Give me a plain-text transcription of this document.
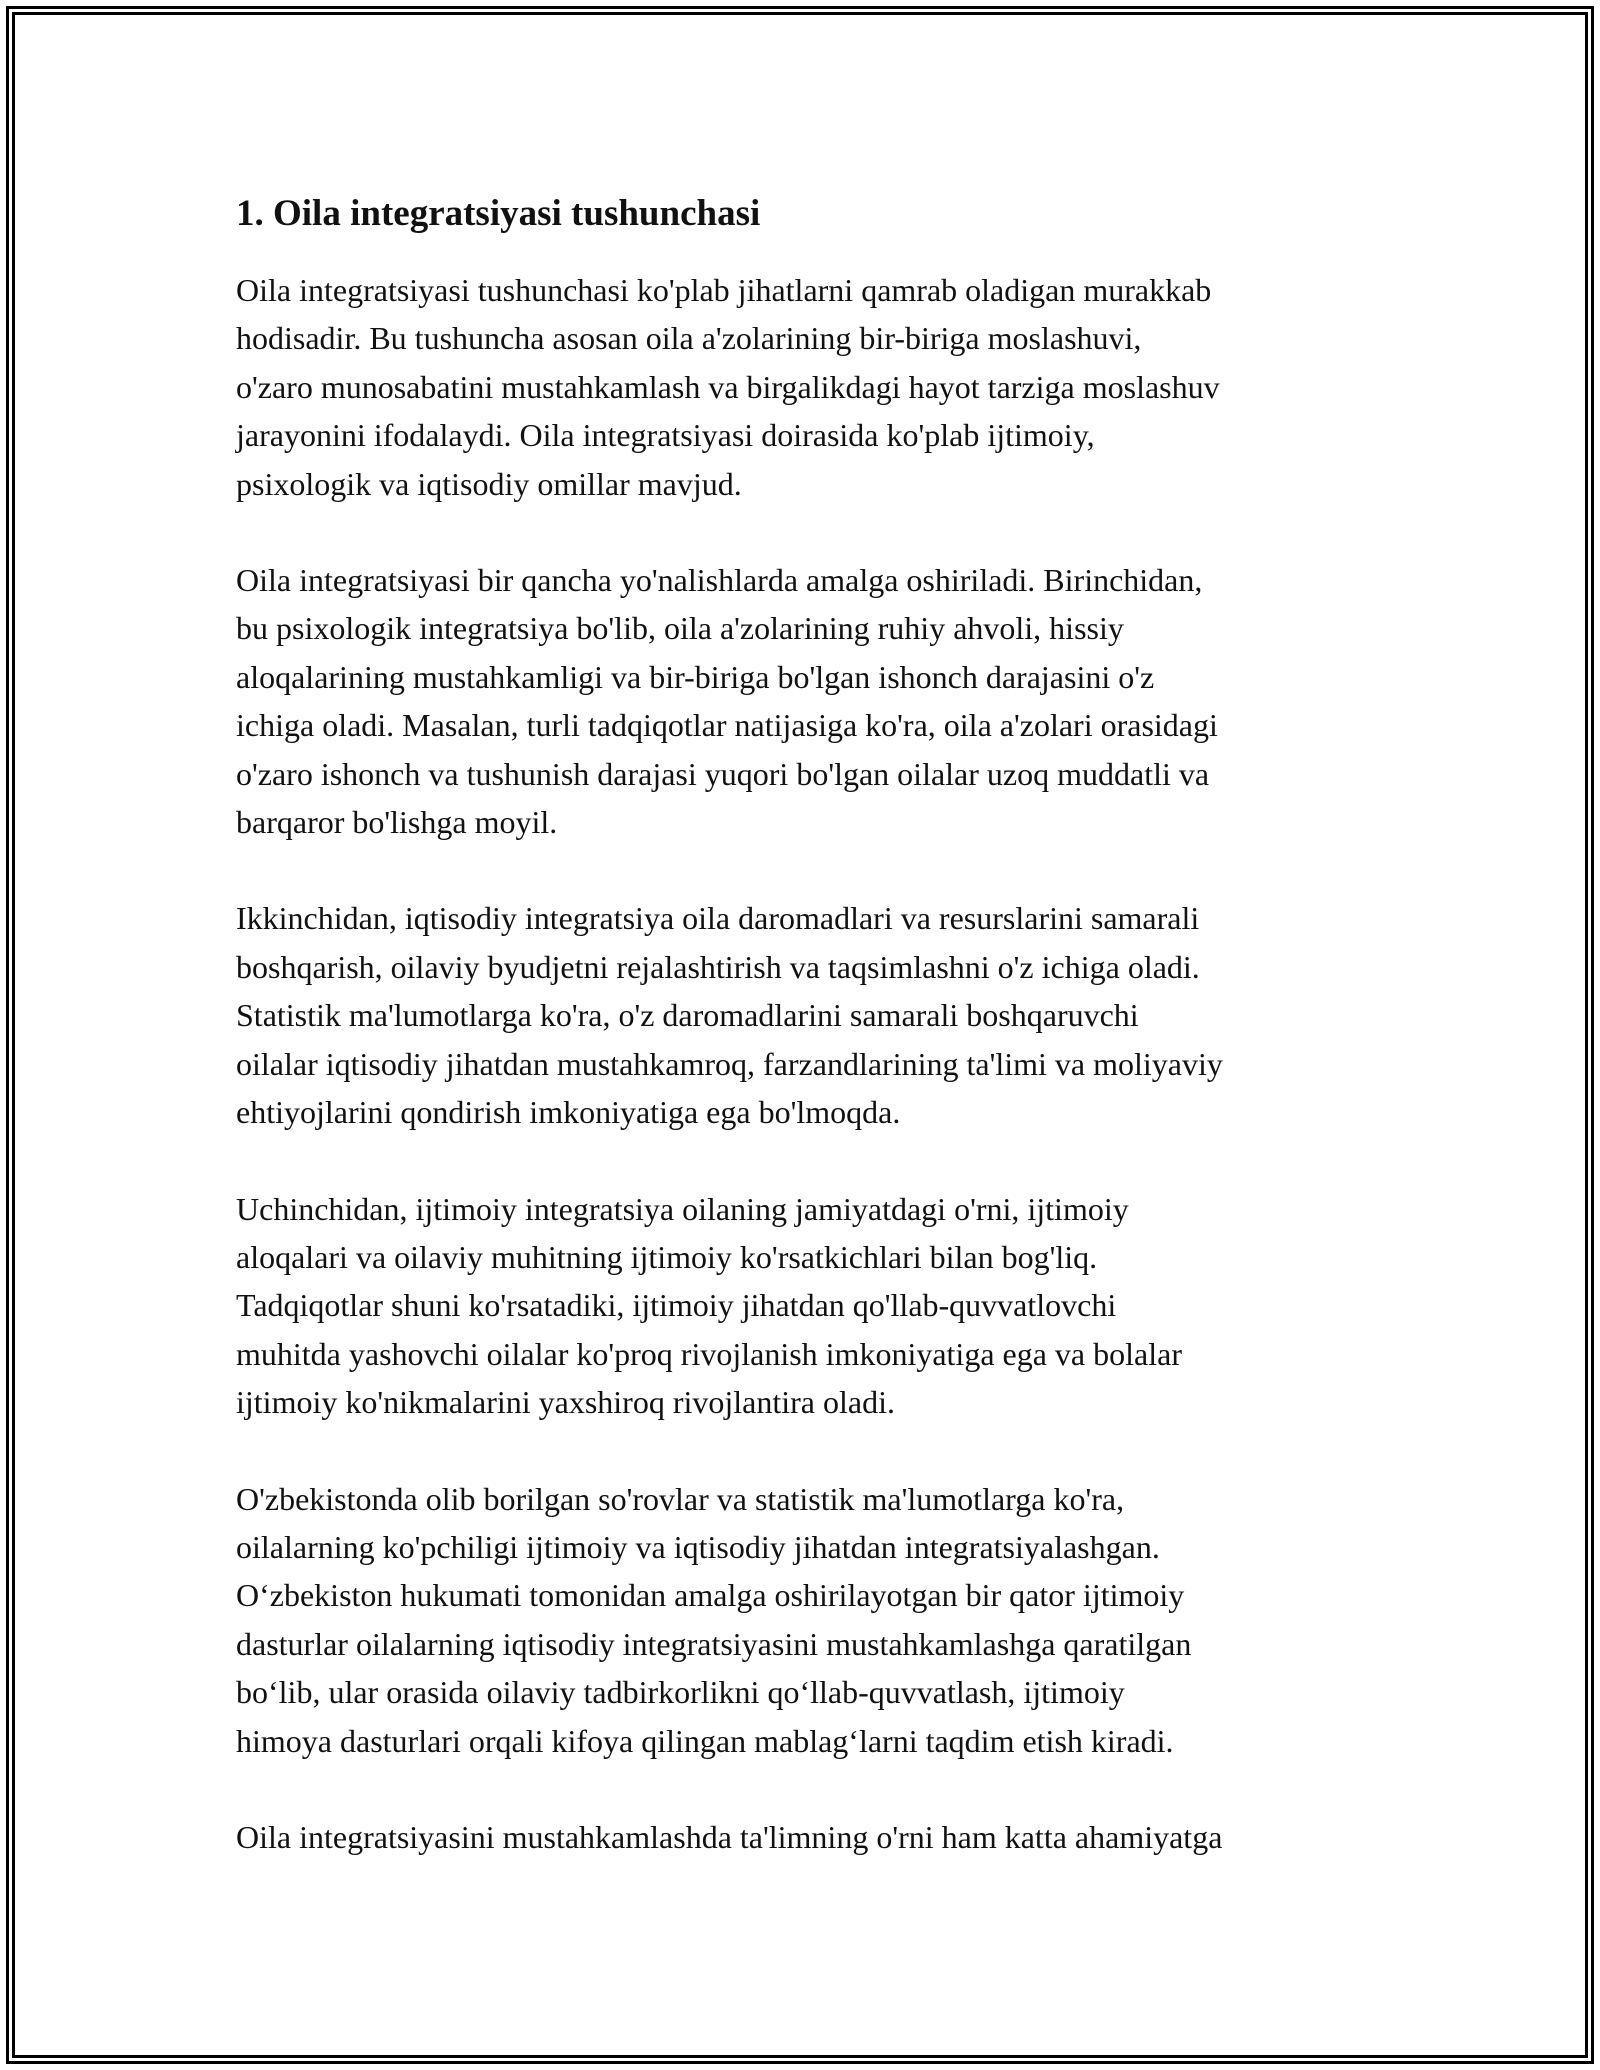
1. Oila integratsiyasi tushunchasi

Oila integratsiyasi tushunchasi ko'plab jihatlarni qamrab oladigan murakkab
hodisadir. Bu tushuncha asosan oila a'zolarining bir-biriga moslashuvi,
o'zaro munosabatini mustahkamlash va birgalikdagi hayot tarziga moslashuv
jarayonini ifodalaydi. Oila integratsiyasi doirasida ko'plab ijtimoiy,
psixologik va iqtisodiy omillar mavjud.

Oila integratsiyasi bir qancha yo'nalishlarda amalga oshiriladi. Birinchidan,
bu psixologik integratsiya bo'lib, oila a'zolarining ruhiy ahvoli, hissiy
aloqalarining mustahkamligi va bir-biriga bo'lgan ishonch darajasini o'z
ichiga oladi. Masalan, turli tadqiqotlar natijasiga ko'ra, oila a'zolari orasidagi
o'zaro ishonch va tushunish darajasi yuqori bo'lgan oilalar uzoq muddatli va
barqaror bo'lishga moyil.

Ikkinchidan, iqtisodiy integratsiya oila daromadlari va resurslarini samarali
boshqarish, oilaviy byudjetni rejalashtirish va taqsimlashni o'z ichiga oladi.
Statistik ma'lumotlarga ko'ra, o'z daromadlarini samarali boshqaruvchi
oilalar iqtisodiy jihatdan mustahkamroq, farzandlarining ta'limi va moliyaviy
ehtiyojlarini qondirish imkoniyatiga ega bo'lmoqda.

Uchinchidan, ijtimoiy integratsiya oilaning jamiyatdagi o'rni, ijtimoiy
aloqalari va oilaviy muhitning ijtimoiy ko'rsatkichlari bilan bog'liq.
Tadqiqotlar shuni ko'rsatadiki, ijtimoiy jihatdan qo'llab-quvvatlovchi
muhitda yashovchi oilalar ko'proq rivojlanish imkoniyatiga ega va bolalar
ijtimoiy ko'nikmalarini yaxshiroq rivojlantira oladi.

O'zbekistonda olib borilgan so'rovlar va statistik ma'lumotlarga ko'ra,
oilalarning ko'pchiligi ijtimoiy va iqtisodiy jihatdan integratsiyalashgan.
O‘zbekiston hukumati tomonidan amalga oshirilayotgan bir qator ijtimoiy
dasturlar oilalarning iqtisodiy integratsiyasini mustahkamlashga qaratilgan
bo‘lib, ular orasida oilaviy tadbirkorlikni qo‘llab-quvvatlash, ijtimoiy
himoya dasturlari orqali kifoya qilingan mablag‘larni taqdim etish kiradi.

Oila integratsiyasini mustahkamlashda ta'limning o'rni ham katta ahamiyatga
